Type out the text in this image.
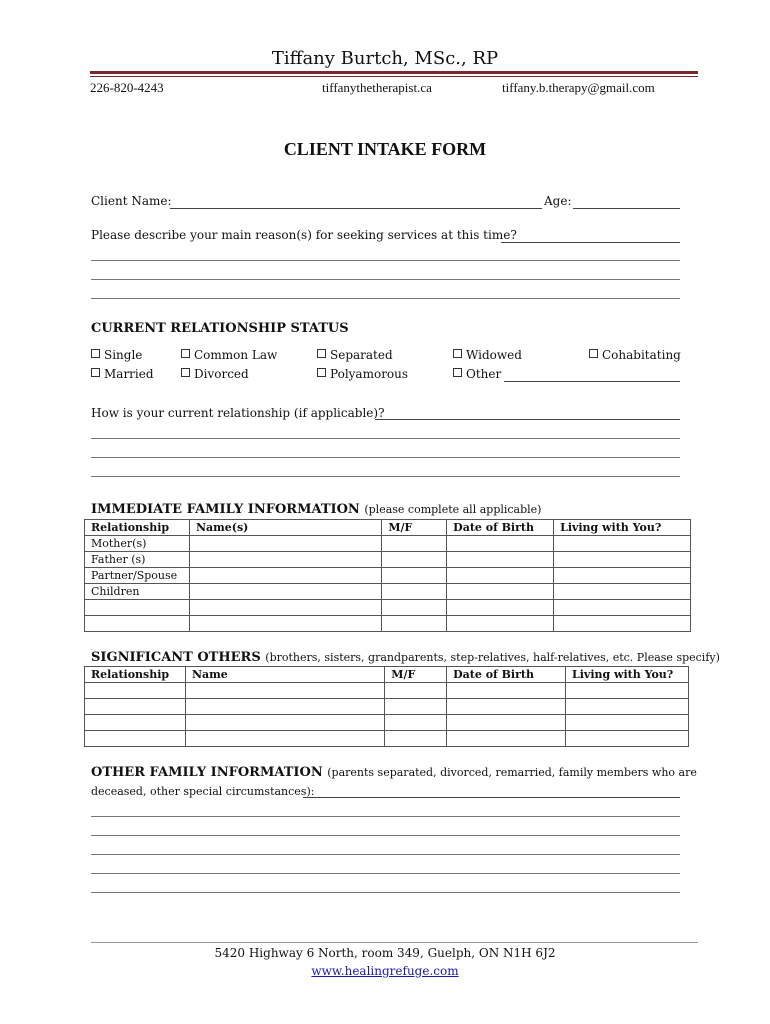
Tiffany Burtch, MSc., RP
226-820-4243	tiffanythetherapist.ca	tiffany.b.therapy@gmail.com
CLIENT INTAKE FORM
Client Name:	Age:
Please describe your main reason(s) for seeking services at this time?
CURRENT RELATIONSHIP STATUS
Single	Common Law	Separated	Widowed	Cohabitating
Married	Divorced	Polyamorous	Other
How is your current relationship (if applicable)?
IMMEDIATE FAMILY INFORMATION (please complete all applicable)
Relationship	Name(s)	M/F	Date of Birth	Living with You?
Mother(s)				
Father (s)				
Partner/Spouse				
Children				

SIGNIFICANT OTHERS (brothers, sisters, grandparents, step-relatives, half-relatives, etc. Please specify)
Relationship	Name	M/F	Date of Birth	Living with You?

OTHER FAMILY INFORMATION (parents separated, divorced, remarried, family members who are
deceased, other special circumstances):
5420 Highway 6 North, room 349, Guelph, ON N1H 6J2
www.healingrefuge.com
